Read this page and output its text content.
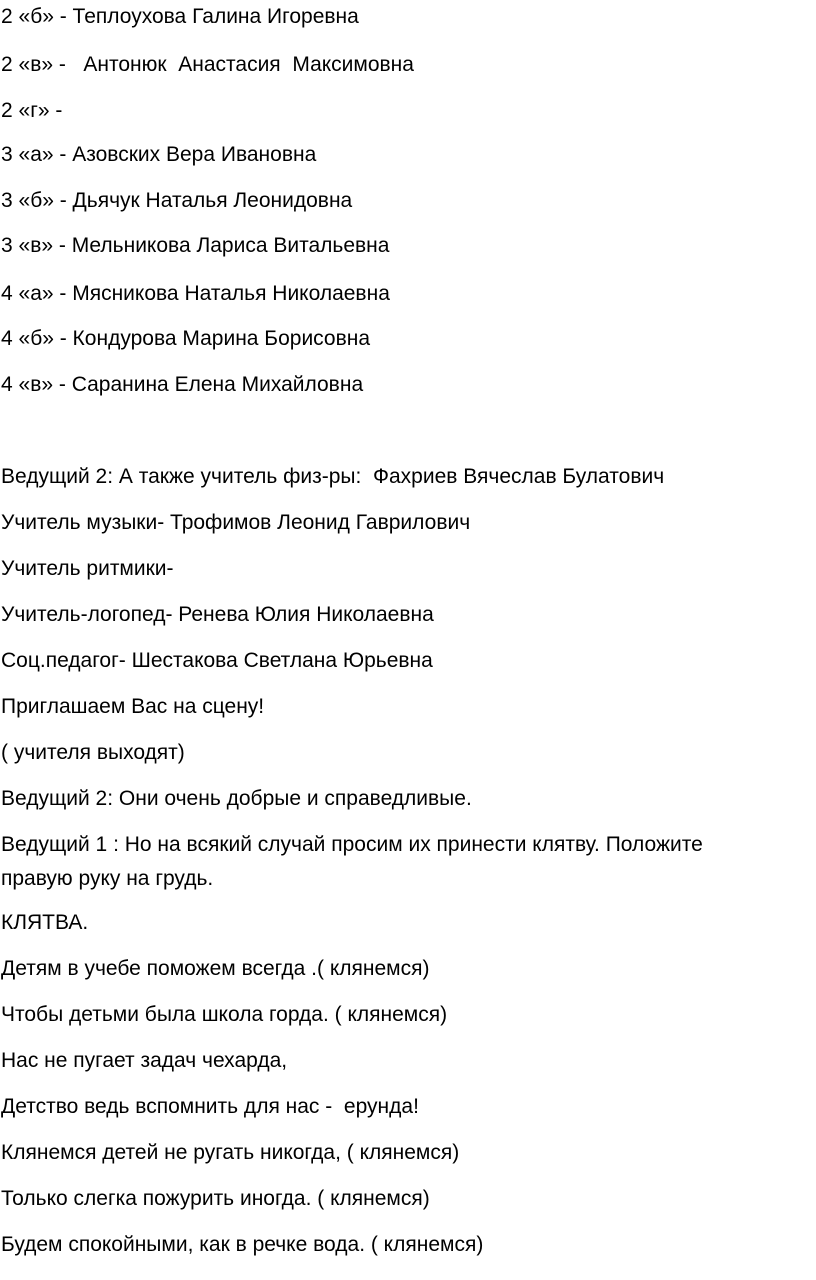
2 «б» - Теплоухова Галина Игоревна

2 «в» -   Антонюк  Анастасия  Максимовна

2 «г» -

3 «а» - Азовских Вера Ивановна

3 «б» - Дьячук Наталья Леонидовна

3 «в» - Мельникова Лариса Витальевна

4 «а» - Мясникова Наталья Николаевна

4 «б» - Кондурова Марина Борисовна

4 «в» - Саранина Елена Михайловна

Ведущий 2: А также учитель физ-ры:  Фахриев Вячеслав Булатович

Учитель музыки- Трофимов Леонид Гаврилович

Учитель ритмики-

Учитель-логопед- Ренева Юлия Николаевна

Соц.педагог- Шестакова Светлана Юрьевна

Приглашаем Вас на сцену!

( учителя выходят)

Ведущий 2: Они очень добрые и справедливые.

Ведущий 1 : Но на всякий случай просим их принести клятву. Положите

правую руку на грудь.

КЛЯТВА.

Детям в учебе поможем всегда .( клянемся)

Чтобы детьми была школа горда. ( клянемся)

Нас не пугает задач чехарда,

Детство ведь вспомнить для нас -  ерунда!

Клянемся детей не ругать никогда, ( клянемся)

Только слегка пожурить иногда. ( клянемся)

Будем спокойными, как в речке вода. ( клянемся)
